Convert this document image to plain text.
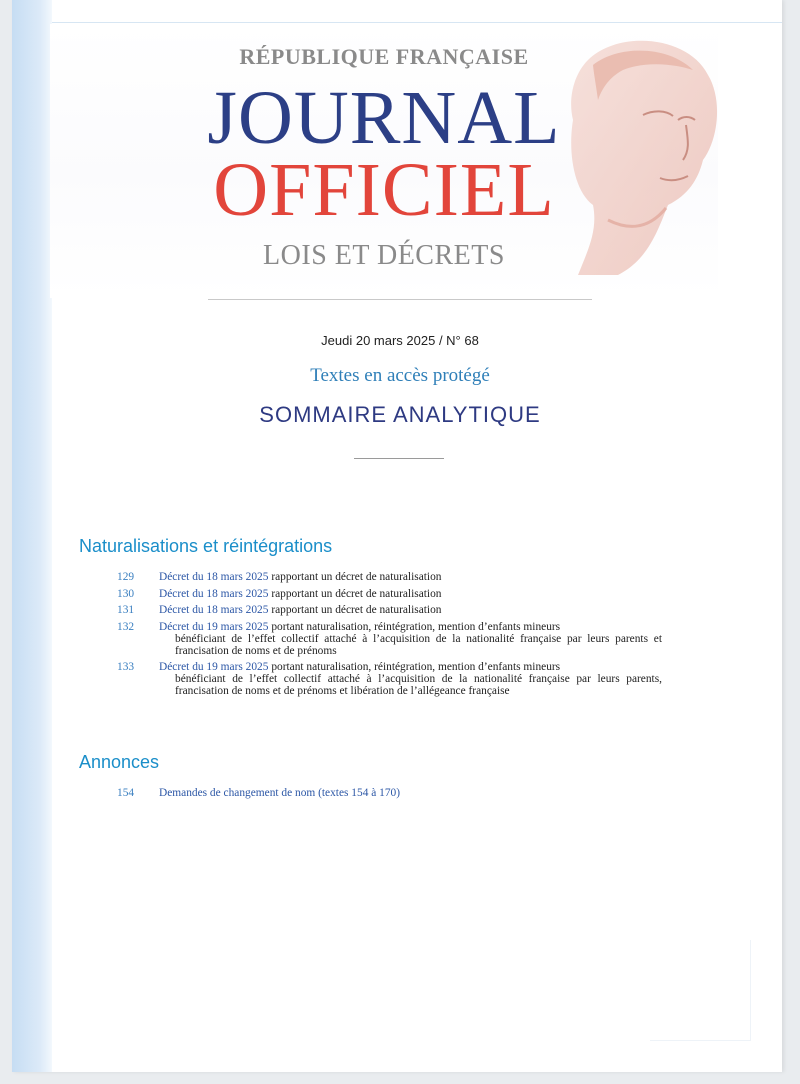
RÉPUBLIQUE FRANÇAISE
JOURNAL
OFFICIEL
LOIS ET DÉCRETS
Jeudi 20 mars 2025 / N° 68
Textes en accès protégé
SOMMAIRE ANALYTIQUE
Naturalisations et réintégrations
129	Décret du 18 mars 2025 rapportant un décret de naturalisation
130	Décret du 18 mars 2025 rapportant un décret de naturalisation
131	Décret du 18 mars 2025 rapportant un décret de naturalisation
132	Décret du 19 mars 2025 portant naturalisation, réintégration, mention d’enfants mineurs
bénéficiant de l’effet collectif attaché à l’acquisition de la nationalité française par leurs parents et francisation de noms et de prénoms
133	Décret du 19 mars 2025 portant naturalisation, réintégration, mention d’enfants mineurs
bénéficiant de l’effet collectif attaché à l’acquisition de la nationalité française par leurs parents, francisation de noms et de prénoms et libération de l’allégeance française
Annonces
154	Demandes de changement de nom (textes 154 à 170)
